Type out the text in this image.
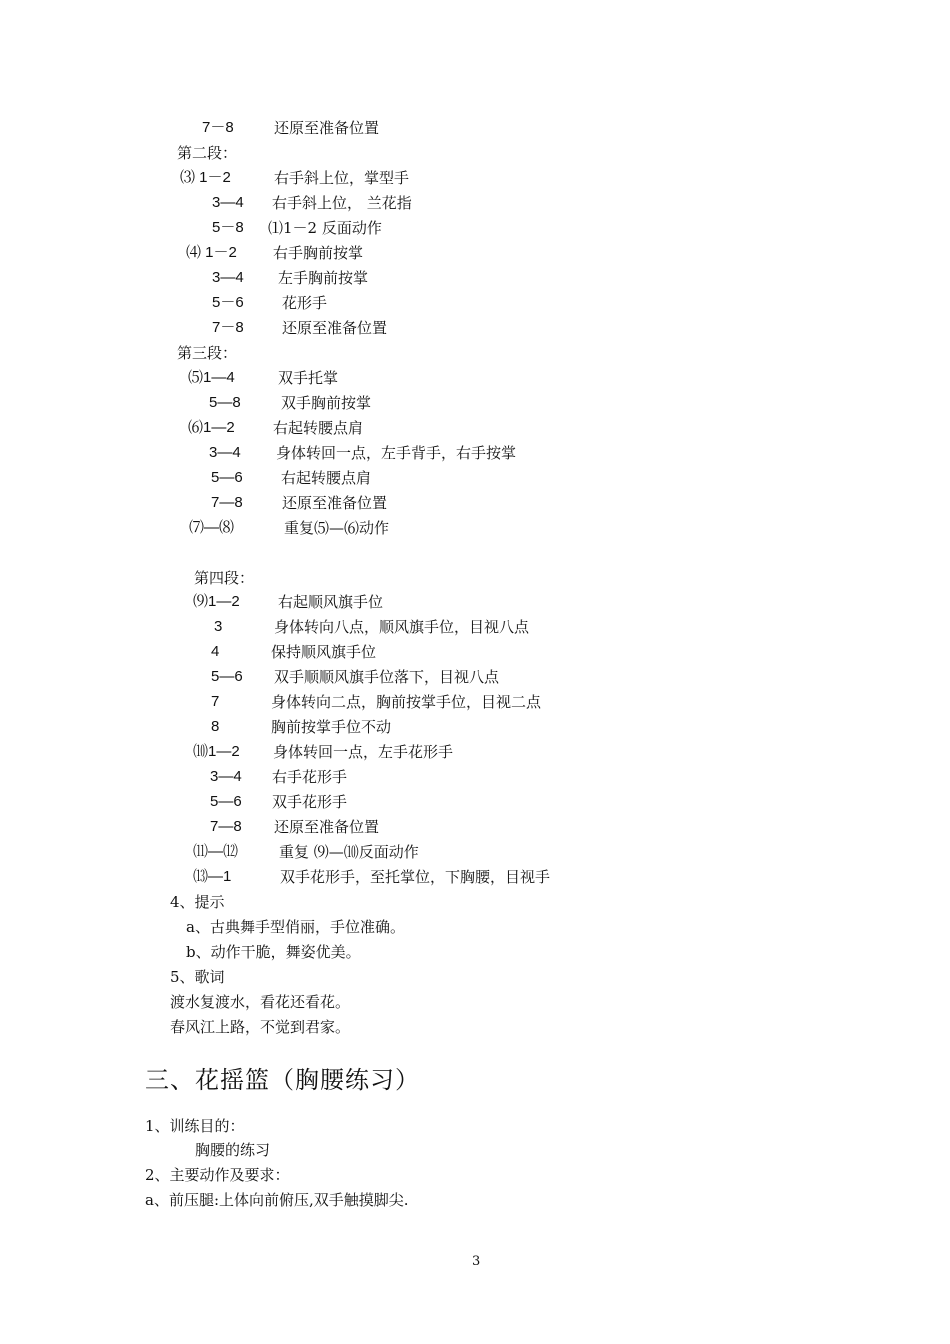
7－8	还原至准备位置
第二段：
⑶ 1－2	右手斜上位，掌型手
3—4 右手斜上位， 兰花指
5－8 ⑴1－2 反面动作
⑷ 1－2 右手胸前按掌
3—4 左手胸前按掌
5－6	花形手
7－8	还原至准备位置
第三段：
⑸1—4	双手托掌
5—8	双手胸前按掌
⑹1—2	右起转腰点肩
3—4 身体转回一点，左手背手，右手按掌
5—6	右起转腰点肩
7—8	还原至准备位置
⑺—⑻	重复⑸—⑹动作
第四段：
⑼1—2	右起顺风旗手位
3	身体转向八点，顺风旗手位，目视八点
4	保持顺风旗手位
5—6 双手顺顺风旗手位落下，目视八点
7	身体转向二点，胸前按掌手位，目视二点
8	胸前按掌手位不动
⑽1—2 身体转回一点，左手花形手
3—4 右手花形手
5—6 双手花形手
7—8 还原至准备位置
⑾—⑿	重复 ⑼—⑽反面动作
⒀—1	双手花形手，至托掌位，下胸腰，目视手
4、提示
a、古典舞手型俏丽，手位准确。
b、动作干脆，舞姿优美。
5、歌词
渡水复渡水，看花还看花。
春风江上路，不觉到君家。
三、花摇篮（胸腰练习）
1、训练目的：
胸腰的练习
2、主要动作及要求：
a、前压腿:上体向前俯压,双手触摸脚尖.
3
